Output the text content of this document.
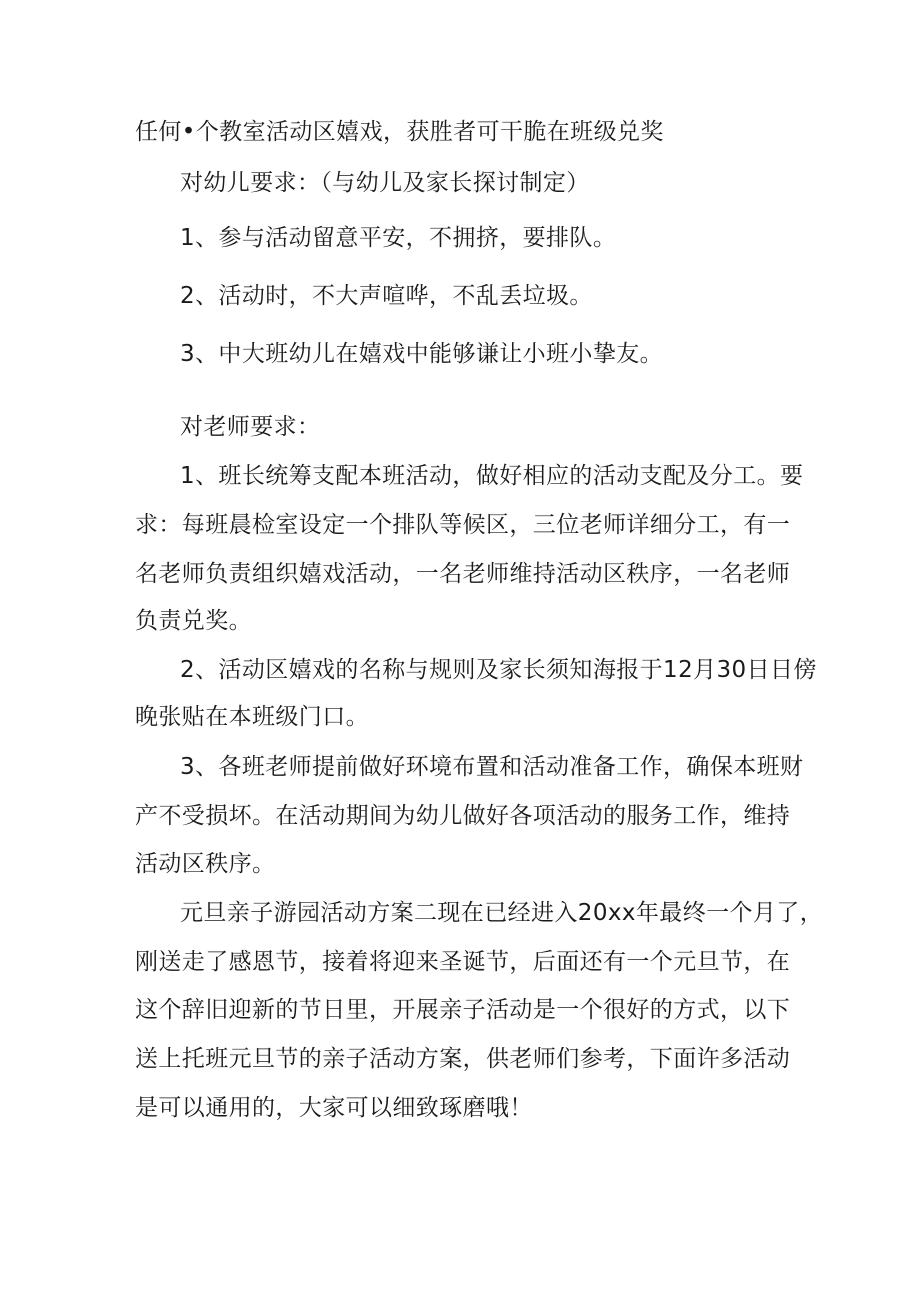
任何•个教室活动区嬉戏，获胜者可干脆在班级兑奖
对幼儿要求：（与幼儿及家长探讨制定）
1、参与活动留意平安，不拥挤，要排队。
2、活动时，不大声喧哗，不乱丢垃圾。
3、中大班幼儿在嬉戏中能够谦让小班小挚友。
对老师要求：
1、班长统筹支配本班活动，做好相应的活动支配及分工。要
求：每班晨检室设定一个排队等候区，三位老师详细分工，有一
名老师负责组织嬉戏活动，一名老师维持活动区秩序，一名老师
负责兑奖。
2、活动区嬉戏的名称与规则及家长须知海报于12月30日日傍
晚张贴在本班级门口。
3、各班老师提前做好环境布置和活动准备工作，确保本班财
产不受损坏。在活动期间为幼儿做好各项活动的服务工作，维持
活动区秩序。
元旦亲子游园活动方案二现在已经进入20xx年最终一个月了，
刚送走了感恩节，接着将迎来圣诞节，后面还有一个元旦节，在
这个辞旧迎新的节日里，开展亲子活动是一个很好的方式，以下
送上托班元旦节的亲子活动方案，供老师们参考，下面许多活动
是可以通用的，大家可以细致琢磨哦！
